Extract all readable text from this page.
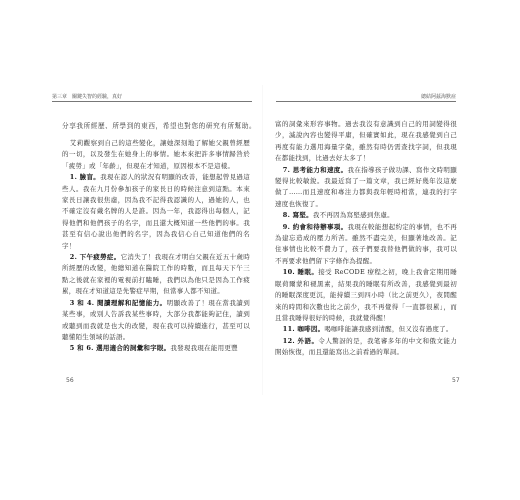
第三章　關鍵失智的經驗，真好
分享我所經歷、所學到的東西，希望也對您的研究有所幫助。

艾莉觀察到自己的這些變化，讓她深刻地了解她父親曾經歷的一切，以及發生在她身上的事情。她本來把許多事情歸咎於「疲勞」或「年齡」，但現在才知道，原因根本不是這樣。

1. 臉盲。我現在認人的狀況有明顯的改善，能想起曾見過這些人。我在九月份參加孩子的家長日的時候注意到這點。本來家長日讓我很焦慮，因為我不記得我認識的人，過她的人，也不確定沒有戴名牌的人是誰。因為一年，我認得出每個人，記得他們和他們孩子的名字，而且還大概知道一些他們的事。我甚至有信心說出他們的名字，因為我信心自己知道他們的名字！

2. 下午疲勞症。它消失了！我現在才明白父親在近五十歲時所經歷的改變，他總知道在醫院工作的時數，而且每天下午三點之後就在家裡的電視前打瞌睡，我們以為他只是因為工作疲累，現在才知道這是先警症早期，但當事人都不知道。

3 和 4. 閱讀理解和記憶能力。明顯改善了！現在當我讀到某些事，或別人告訴我某些事時，大部分我都能夠記住，讀到或聽到而我就是也大的改變，現在我可以持續進行，甚至可以聽懂陌生領域的話語。

5 和 6. 選用適合的詞彙和字眼。我發現我現在能用更豐

56
總結阿茲海默症

富的詞彙來形容事物。過去我沒有意識到自己的用詞變得很少，滅說內容也變得平庸，但確實如此，現在我感覺到自己再度有能力選用海量字彙，雖然有時仍需查找字詞，但我現在都能找到，比過去好太多了！

7. 思考能力和速度。我在指導孩子做功課、寫作文時明顯變得比較敏銳。我最近寫了一篇文章，我已經好幾年沒這麼做了……而且速度和專注力都與我年輕時相當，連我的打字速度也恢復了。

8. 寫堅。我不再因為寫堅感到焦慮。

9. 約會和待辦事項。我現在較能想起約定的事情，也不再為建忘造成的壓力所苦。雖然不盡完美，但顯著地改善。記住事情也比較不費力了，孩子們要我替他們做的事，我可以不再要求他們留下字條作為提醒。

10. 睡眠。接受 ReCODE 療程之初，晚上我會定期用睡眠荷爾蒙和褪黑素，結果我的睡眠有所改善，我感覺到最初的睡眠深度更沉，能持續三到四小時（比之前更久），夜間醒來的時間和次數也比之前少，我不再覺得「一直都很累」，而且當我睡得很好的時候，我就覺得醒！

11. 咖啡因。喝咖啡能讓我感到清醒，但又沒有過度了。

12. 外語。令人驚訝的是，我笔審多年的中文和俄文能力開始恢復，而且還能寫出之前看過的單詞。

57
